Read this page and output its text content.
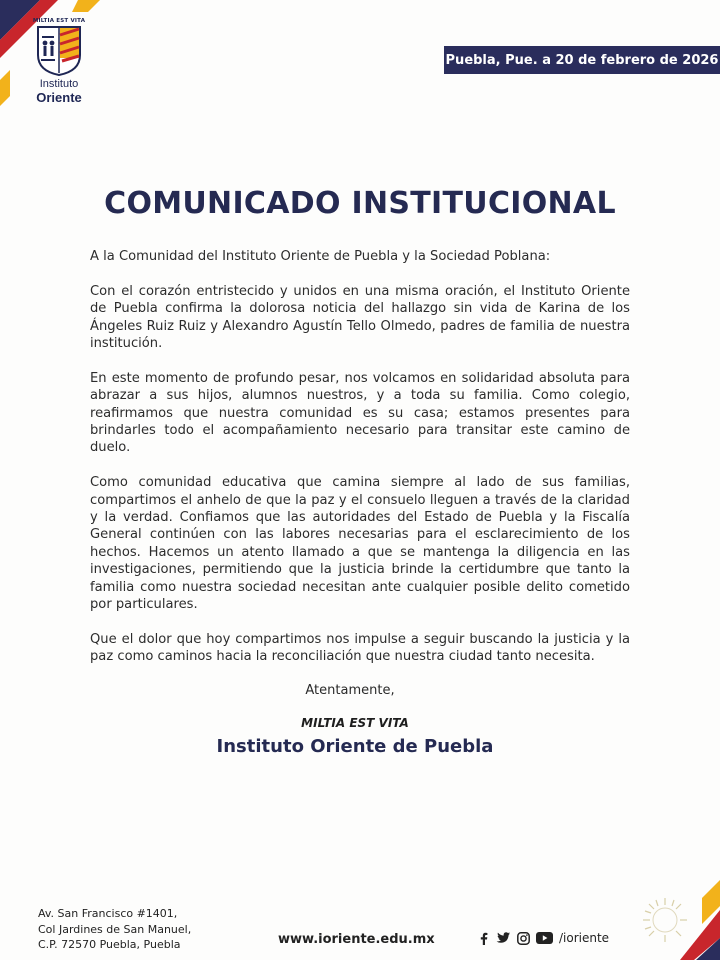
MILTIA EST VITA
Instituto
Oriente
Puebla, Pue. a 20 de febrero de 2026
COMUNICADO INSTITUCIONAL

A la Comunidad del Instituto Oriente de Puebla y la Sociedad Poblana:

Con el corazón entristecido y unidos en una misma oración, el Instituto Oriente de Puebla confirma la dolorosa noticia del hallazgo sin vida de Karina de los Ángeles Ruiz Ruiz y Alexandro Agustín Tello Olmedo, padres de familia de nuestra institución.

En este momento de profundo pesar, nos volcamos en solidaridad absoluta para abrazar a sus hijos, alumnos nuestros, y a toda su familia. Como colegio, reafirmamos que nuestra comunidad es su casa; estamos presentes para brindarles todo el acompañamiento necesario para transitar este camino de duelo.

Como comunidad educativa que camina siempre al lado de sus familias, compartimos el anhelo de que la paz y el consuelo lleguen a través de la claridad y la verdad. Confiamos que las autoridades del Estado de Puebla y la Fiscalía General continúen con las labores necesarias para el esclarecimiento de los hechos. Hacemos un atento llamado a que se mantenga la diligencia en las investigaciones, permitiendo que la justicia brinde la certidumbre que tanto la familia como nuestra sociedad necesitan ante cualquier posible delito cometido por particulares.

Que el dolor que hoy compartimos nos impulse a seguir buscando la justicia y la paz como caminos hacia la reconciliación que nuestra ciudad tanto necesita.

Atentamente,
MILTIA EST VITA
Instituto Oriente de Puebla
Av. San Francisco #1401,
Col Jardines de San Manuel,
C.P. 72570 Puebla, Puebla	www.ioriente.edu.mx	/ioriente
